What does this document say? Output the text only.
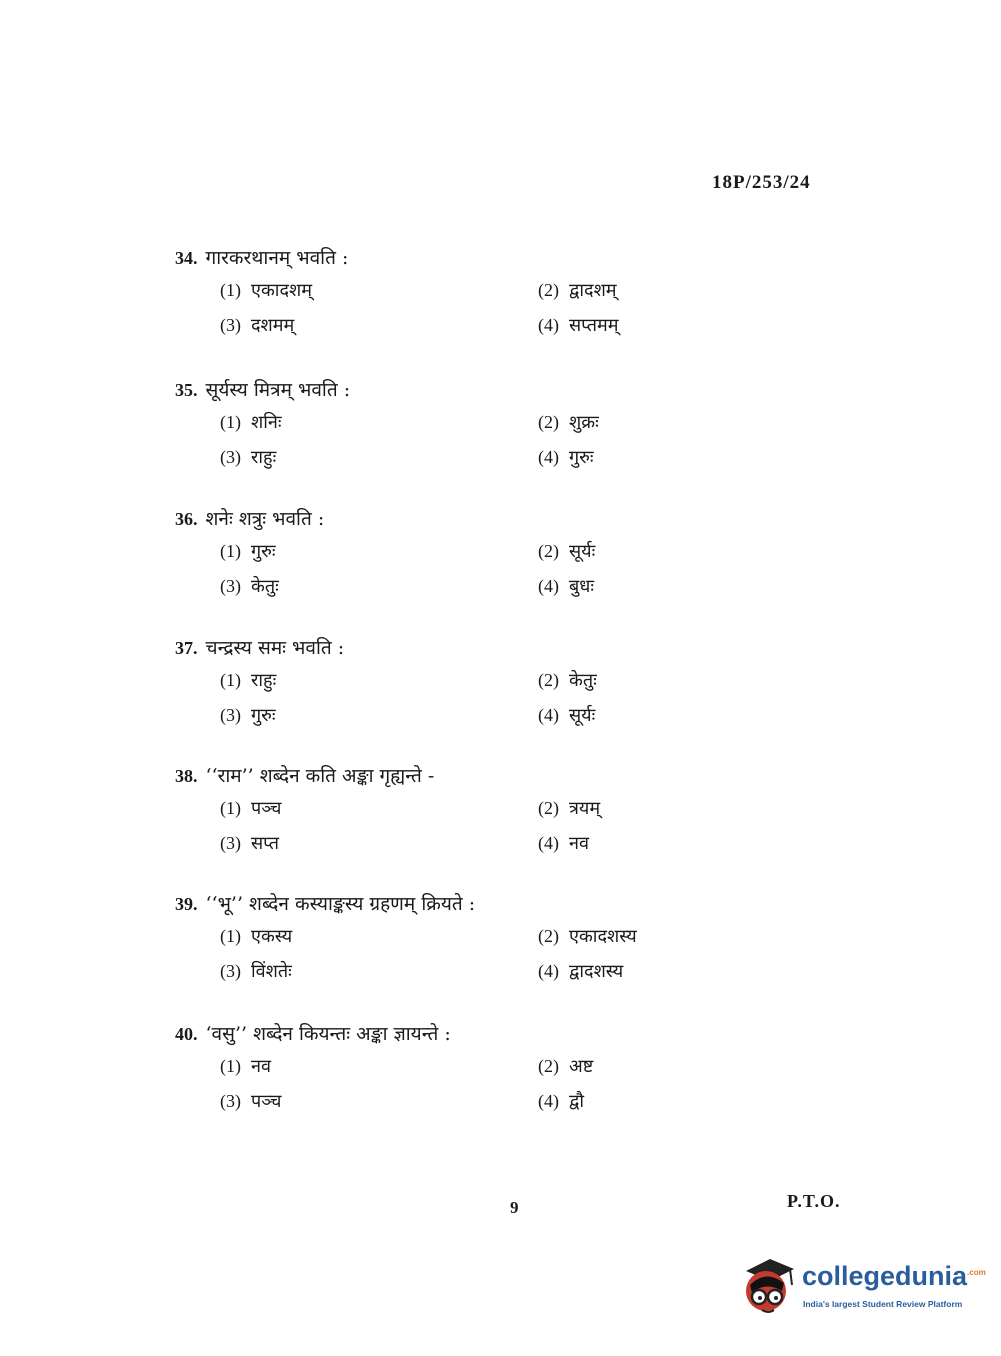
18P/253/24
34. गारकरथानम् भवति :
(1) एकादशम्	(2) द्वादशम्
(3) दशमम्	(4) सप्तमम्
35. सूर्यस्य मित्रम् भवति :
(1) शनिः	(2) शुक्रः
(3) राहुः	(4) गुरुः
36. शनेः शत्रुः भवति :
(1) गुरुः	(2) सूर्यः
(3) केतुः	(4) बुधः
37. चन्द्रस्य समः भवति :
(1) राहुः	(2) केतुः
(3) गुरुः	(4) सूर्यः
38. ‘‘राम’’ शब्देन कति अङ्का गृह्यन्ते -
(1) पञ्च	(2) त्रयम्
(3) सप्त	(4) नव
39. ‘‘भू’’ शब्देन कस्याङ्कस्य ग्रहणम् क्रियते :
(1) एकस्य	(2) एकादशस्य
(3) विंशतेः	(4) द्वादशस्य
40. ‘वसु’’ शब्देन कियन्तः अङ्का ज्ञायन्ते :
(1) नव	(2) अष्ट
(3) पञ्च	(4) द्वौ
9	P.T.O.
collegedunia$^{.com}$
India's largest Student Review Platform
